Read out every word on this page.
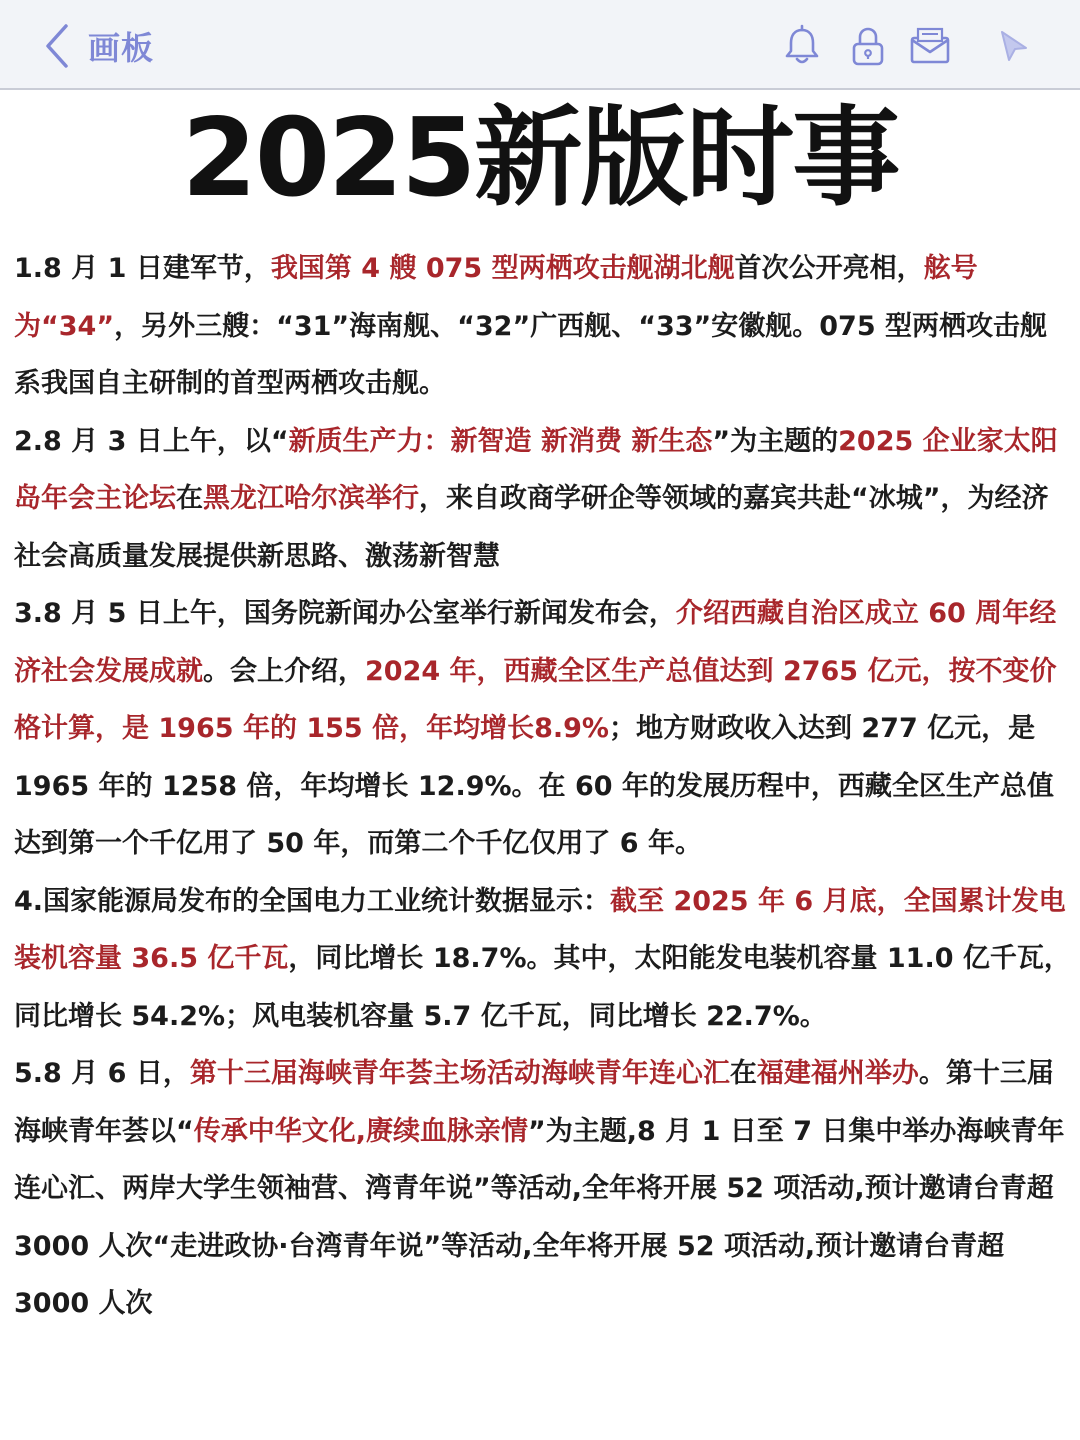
画板
2025新版时事

1.8 月 1 日建军节，我国第 4 艘 075 型两栖攻击舰湖北舰首次公开亮相，舷号为“34”，另外三艘：“31”海南舰、“32”广西舰、“33”安徽舰。075 型两栖攻击舰系我国自主研制的首型两栖攻击舰。

2.8 月 3 日上午，以“新质生产力：新智造 新消费 新生态”为主题的2025 企业家太阳岛年会主论坛在黑龙江哈尔滨举行，来自政商学研企等领域的嘉宾共赴“冰城”，为经济社会高质量发展提供新思路、激荡新智慧

3.8 月 5 日上午，国务院新闻办公室举行新闻发布会，介绍西藏自治区成立 60 周年经济社会发展成就。会上介绍，2024 年，西藏全区生产总值达到 2765 亿元，按不变价格计算，是 1965 年的 155 倍，年均增长8.9%；地方财政收入达到 277 亿元，是 1965 年的 1258 倍，年均增长 12.9%。在 60 年的发展历程中，西藏全区生产总值达到第一个千亿用了 50 年，而第二个千亿仅用了 6 年。

4.国家能源局发布的全国电力工业统计数据显示：截至 2025 年 6 月底，全国累计发电装机容量 36.5 亿千瓦，同比增长 18.7%。其中，太阳能发电装机容量 11.0 亿千瓦，同比增长 54.2%；风电装机容量 5.7 亿千瓦，同比增长 22.7%。

5.8 月 6 日，第十三届海峡青年荟主场活动海峡青年连心汇在福建福州举办。第十三届海峡青年荟以“传承中华文化,赓续血脉亲情”为主题,8 月 1 日至 7 日集中举办海峡青年连心汇、两岸大学生领袖营、湾青年说”等活动,全年将开展 52 项活动,预计邀请台青超 3000 人次“走进政协·台湾青年说”等活动,全年将开展 52 项活动,预计邀请台青超 3000 人次
